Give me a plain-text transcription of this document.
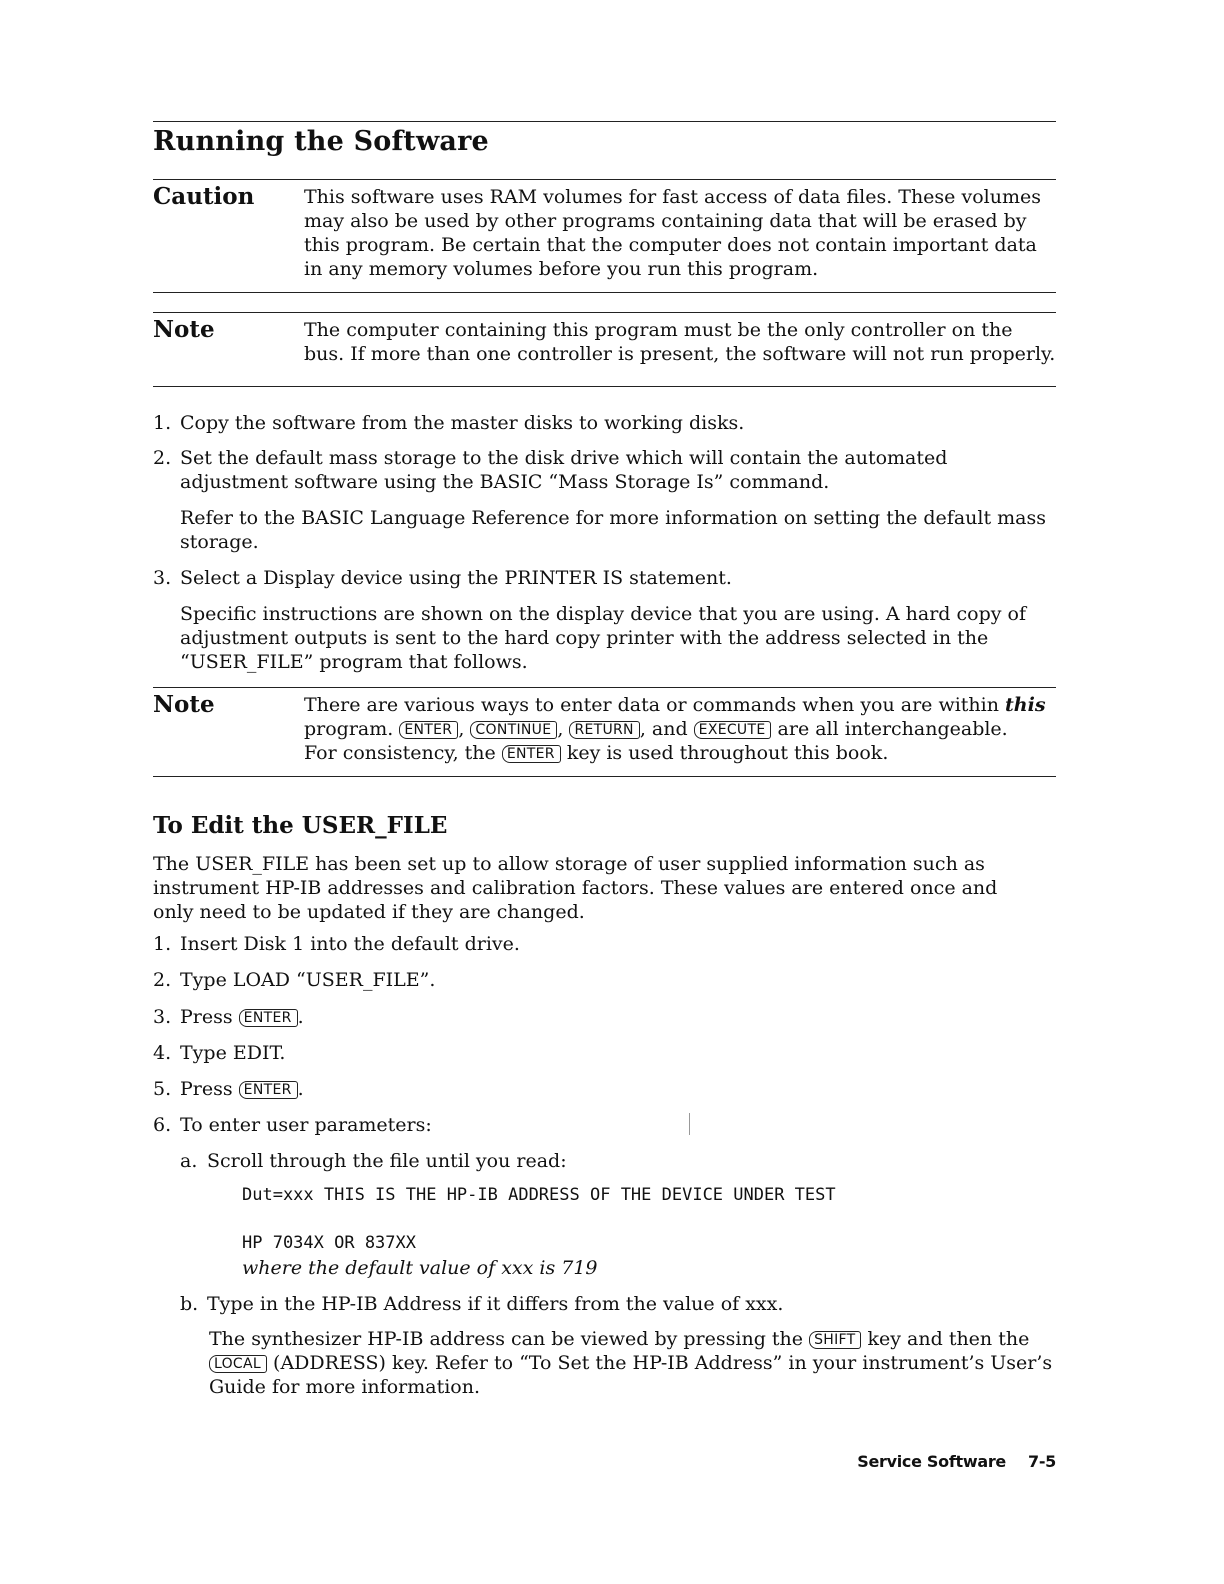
Running the Software
Caution	This software uses RAM volumes for fast access of data files. These volumes may also be used by other programs containing data that will be erased by this program. Be certain that the computer does not contain important data in any memory volumes before you run this program.
Note	The computer containing this program must be the only controller on the bus. If more than one controller is present, the software will not run properly.
1. Copy the software from the master disks to working disks.
2. Set the default mass storage to the disk drive which will contain the automated adjustment software using the BASIC “Mass Storage Is” command.
Refer to the BASIC Language Reference for more information on setting the default mass storage.
3. Select a Display device using the PRINTER IS statement.
Specific instructions are shown on the display device that you are using. A hard copy of adjustment outputs is sent to the hard copy printer with the address selected in the “USER_FILE” program that follows.
Note	There are various ways to enter data or commands when you are within this
program. ENTER , CONTINUE , RETURN , and EXECUTE are all interchangeable.
For consistency, the ENTER key is used throughout this book.
To Edit the USER_FILE
The USER_FILE has been set up to allow storage of user supplied information such as instrument HP-IB addresses and calibration factors. These values are entered once and only need to be updated if they are changed.
1. Insert Disk 1 into the default drive.
2. Type LOAD “USER_FILE”.
3. Press ENTER .
4. Type EDIT.
5. Press ENTER .
6. To enter user parameters:
a. Scroll through the file until you read:
Dut=xxx THIS IS THE HP-IB ADDRESS OF THE DEVICE UNDER TEST
HP 7034X OR 837XX
where the default value of xxx is 719
b. Type in the HP-IB Address if it differs from the value of xxx.
The synthesizer HP-IB address can be viewed by pressing the SHIFT key and then the LOCAL (ADDRESS) key. Refer to “To Set the HP-IB Address” in your instrument’s User’s Guide for more information.
Service Software 7-5
